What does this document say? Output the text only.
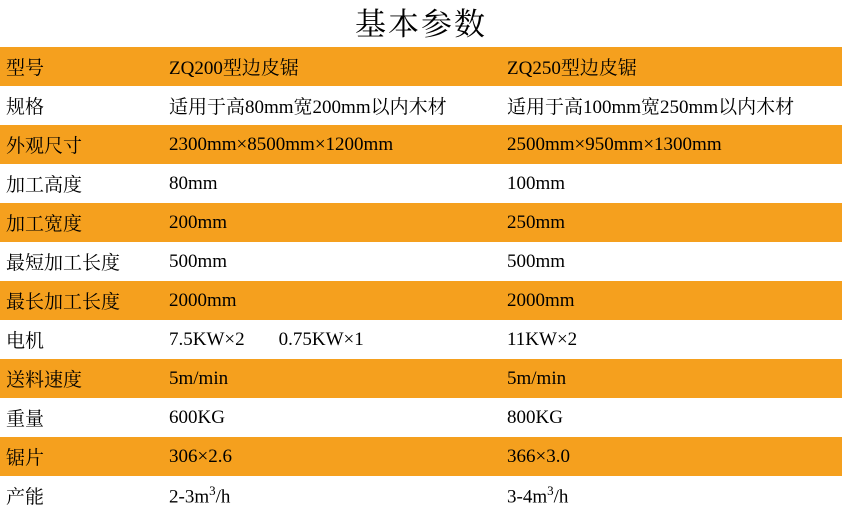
基本参数
型号	ZQ200型边皮锯	ZQ250型边皮锯
规格	适用于高80mm宽200mm以内木材	适用于高100mm宽250mm以内木材
外观尺寸	2300mm×8500mm×1200mm	2500mm×950mm×1300mm
加工高度	80mm	100mm
加工宽度	200mm	250mm
最短加工长度	500mm	500mm
最长加工长度	2000mm	2000mm
电机	7.5KW×2 0.75KW×1	11KW×2
送料速度	5m/min	5m/min
重量	600KG	800KG
锯片	306×2.6	366×3.0
产能	$2-3m^3/h$	$3-4m^3/h$
